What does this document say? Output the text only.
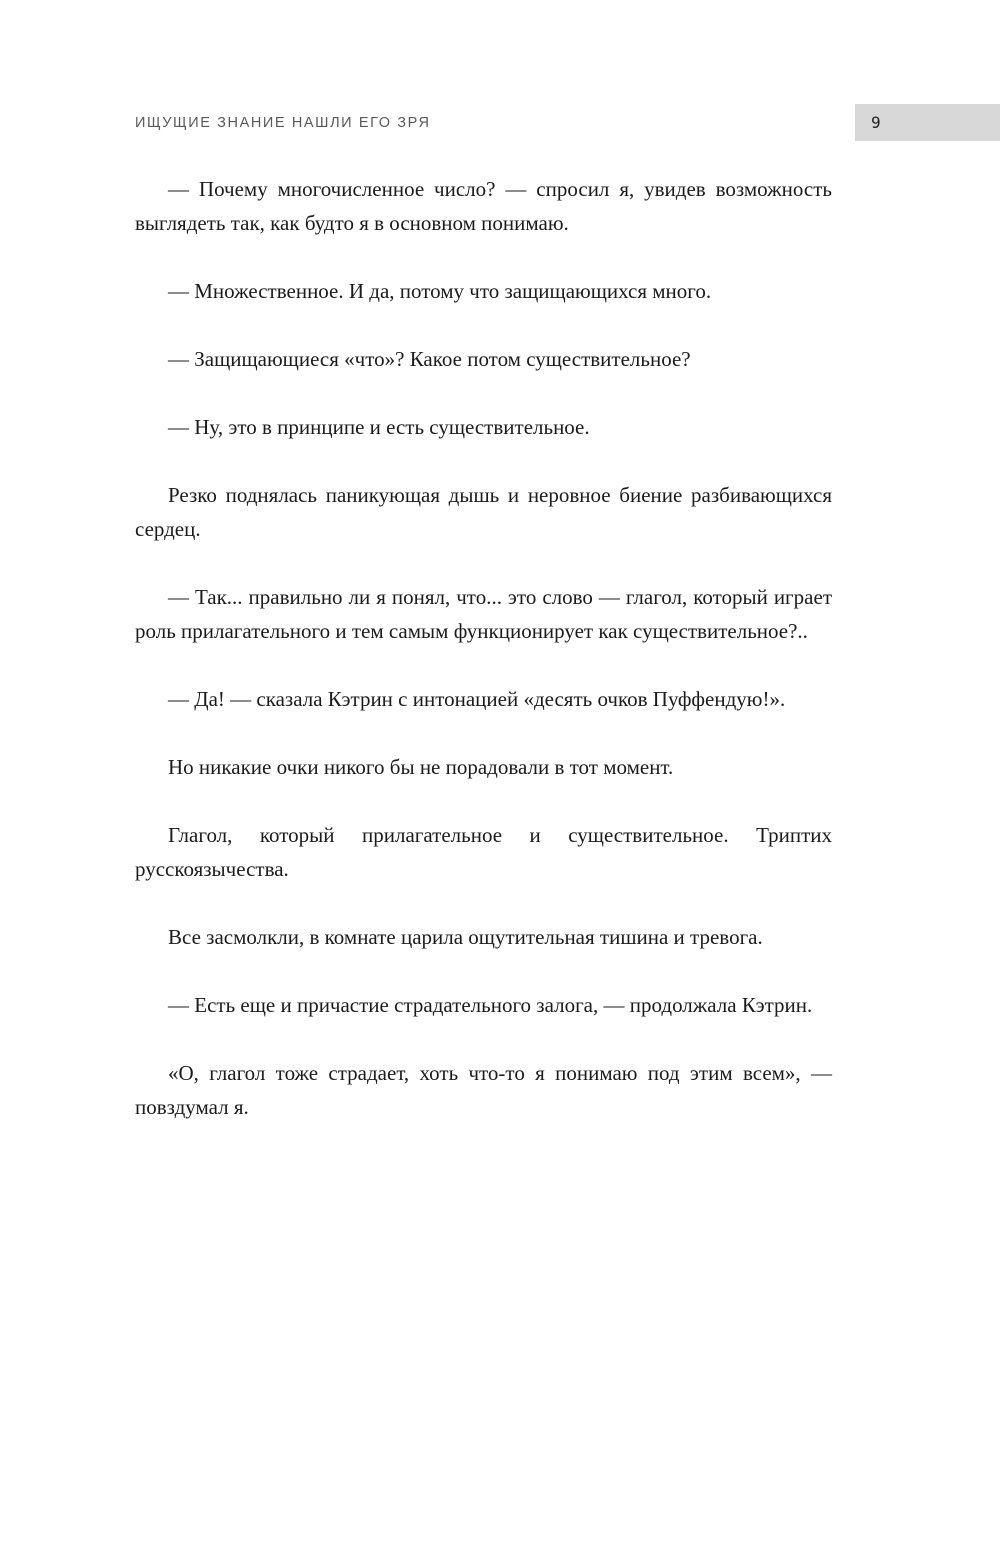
ИЩУЩИЕ ЗНАНИЕ НАШЛИ ЕГО ЗРЯ	9

— Почему многочисленное число? — спросил я, увидев возможность выглядеть так, как будто я в основном понимаю.

— Множественное. И да, потому что защищающихся много.

— Защищающиеся «что»? Какое потом существительное?

— Ну, это в принципе и есть существительное.

Резко поднялась паникующая дышь и неровное биение разбивающихся сердец.

— Так... правильно ли я понял, что... это слово — глагол, который играет роль прилагательного и тем самым функционирует как существительное?..

— Да! — сказала Кэтрин с интонацией «десять очков Пуффендую!».

Но никакие очки никого бы не порадовали в тот момент.

Глагол, который прилагательное и существительное. Триптих русскоязычества.

Все засмолкли, в комнате царила ощутительная тишина и тревога.

— Есть еще и причастие страдательного залога, — продолжала Кэтрин.

«О, глагол тоже страдает, хоть что-то я понимаю под этим всем», —повздумал я.
